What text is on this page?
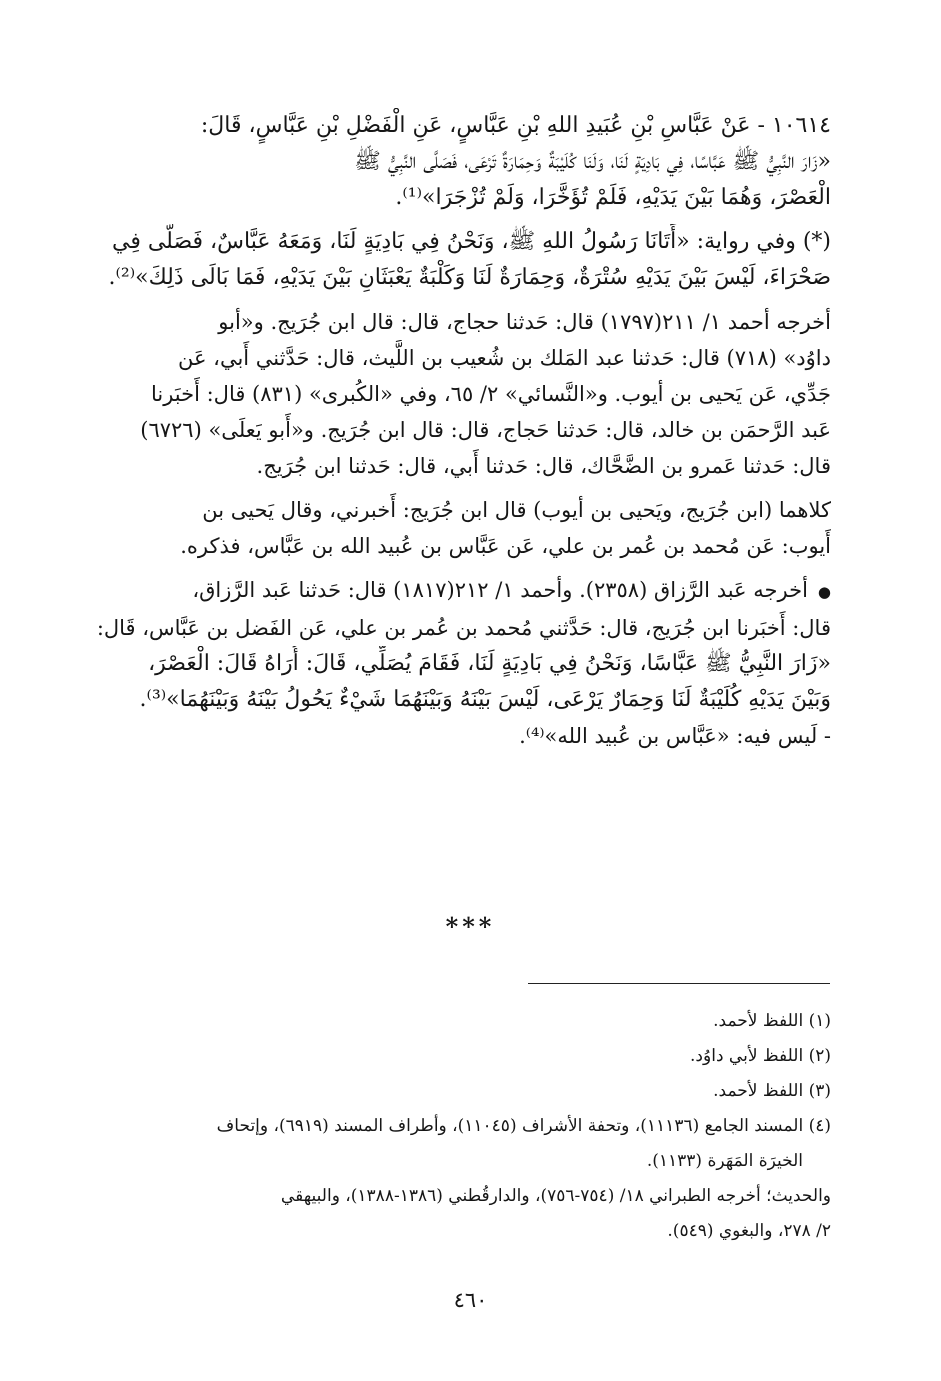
١٠٦١٤ - عَنْ عَبَّاسِ بْنِ عُبَيدِ اللهِ بْنِ عَبَّاسٍ، عَنِ الْفَضْلِ بْنِ عَبَّاسٍ، قَالَ:
«زَارَ النَّبِيُّ ﷺ عَبَّاسًا، فِي بَادِيَةٍ لَنَا، وَلَنَا كُلَيْبَةٌ وَحِمَارَةٌ تَرْعَى، فَصَلَّى النَّبِيُّ ﷺ
الْعَصْرَ، وَهُمَا بَيْنَ يَدَيْهِ، فَلَمْ تُؤَخَّرَا، وَلَمْ تُزْجَرَا»⁽¹⁾.
(*) وفي رواية: «أَتَانَا رَسُولُ اللهِ ﷺ، وَنَحْنُ فِي بَادِيَةٍ لَنَا، وَمَعَهُ عَبَّاسٌ، فَصَلَّى فِي
صَحْرَاءَ، لَيْسَ بَيْنَ يَدَيْهِ سُتْرَةٌ، وَحِمَارَةٌ لَنَا وَكَلْبَةٌ يَعْبَثَانِ بَيْنَ يَدَيْهِ، فَمَا بَالَى ذَلِكَ»⁽²⁾.
أخرجه أحمد ١/ ٢١١(١٧٩٧) قال: حَدثنا حجاج، قال: قال ابن جُرَيج. و«أبو
داوُد» (٧١٨) قال: حَدثنا عبد المَلك بن شُعيب بن اللَّيث، قال: حَدَّثني أَبي، عَن
جَدِّي، عَن يَحيى بن أيوب. و«النَّسائي» ٢/ ٦٥، وفي «الكُبرى» (٨٣١) قال: أَخبَرنا
عَبد الرَّحمَن بن خالد، قال: حَدثنا حَجاج، قال: قال ابن جُرَيج. و«أَبو يَعلَى» (٦٧٢٦)
قال: حَدثنا عَمرو بن الضَّحَّاك، قال: حَدثنا أَبي، قال: حَدثنا ابن جُرَيج.
كلاهما (ابن جُرَيج، ويَحيى بن أيوب) قال ابن جُرَيج: أَخبرني، وقال يَحيى بن
أَيوب: عَن مُحمد بن عُمر بن علي، عَن عَبَّاس بن عُبيد الله بن عَبَّاس، فذكره.
●أخرجه عَبد الرَّزاق (٢٣٥٨). وأحمد ١/ ٢١٢(١٨١٧) قال: حَدثنا عَبد الرَّزاق،
قال: أَخبَرنا ابن جُرَيج، قال: حَدَّثني مُحمد بن عُمر بن علي، عَن الفَضل بن عَبَّاس، قَال:
«زَارَ النَّبِيُّ ﷺ عَبَّاسًا، وَنَحْنُ فِي بَادِيَةٍ لَنَا، فَقَامَ يُصَلِّي، قَالَ: أُرَاهُ قَالَ: الْعَصْرَ،
وَبَيْنَ يَدَيْهِ كُلَيْبَةٌ لَنَا وَحِمَارٌ يَرْعَى، لَيْسَ بَيْنَهُ وَبَيْنَهُمَا شَيْءٌ يَحُولُ بَيْنَهُ وَبَيْنَهُمَا»⁽³⁾.
- لَيس فيه: «عَبَّاس بن عُبيد الله»⁽⁴⁾.
***
(١) اللفظ لأحمد.
(٢) اللفظ لأبي داوُد.
(٣) اللفظ لأحمد.
(٤) المسند الجامع (١١١٣٦)، وتحفة الأشراف (١١٠٤٥)، وأطراف المسند (٦٩١٩)، وإتحاف
الخيرَة المَهَرة (١١٣٣).
والحديث؛ أخرجه الطبراني ١٨/ (٧٥٤-٧٥٦)، والدارقُطني (١٣٨٦-١٣٨٨)، والبيهقي
٢/ ٢٧٨، والبغوي (٥٤٩).
٤٦٠
